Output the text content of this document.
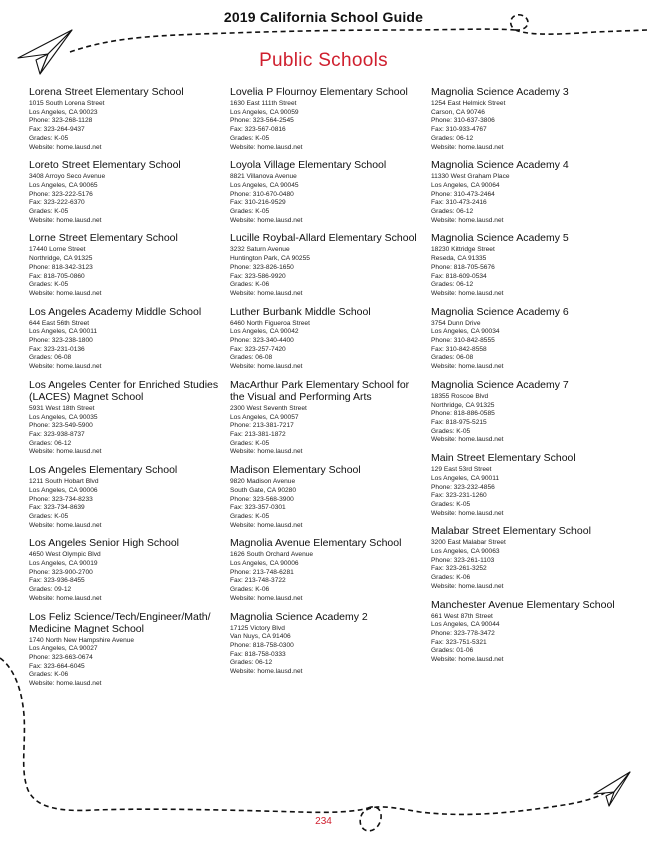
2019 California School Guide
Public Schools
Lorena Street Elementary School
1015 South Lorena Street
Los Angeles, CA 90023
Phone: 323-268-1128
Fax: 323-264-9437
Grades: K-05
Website: home.lausd.net
Loreto Street Elementary School
3408 Arroyo Seco Avenue
Los Angeles, CA 90065
Phone: 323-222-5176
Fax: 323-222-6370
Grades: K-05
Website: home.lausd.net
Lorne Street Elementary School
17440 Lorne Street
Northridge, CA 91325
Phone: 818-342-3123
Fax: 818-705-0860
Grades: K-05
Website: home.lausd.net
Los Angeles Academy Middle School
644 East 56th Street
Los Angeles, CA 90011
Phone: 323-238-1800
Fax: 323-231-0136
Grades: 06-08
Website: home.lausd.net
Los Angeles Center for Enriched Studies (LACES) Magnet School
5931 West 18th Street
Los Angeles, CA 90035
Phone: 323-549-5900
Fax: 323-938-8737
Grades: 06-12
Website: home.lausd.net
Los Angeles Elementary School
1211 South Hobart Blvd
Los Angeles, CA 90006
Phone: 323-734-8233
Fax: 323-734-8639
Grades: K-05
Website: home.lausd.net
Los Angeles Senior High School
4650 West Olympic Blvd
Los Angeles, CA 90019
Phone: 323-900-2700
Fax: 323-936-8455
Grades: 09-12
Website: home.lausd.net
Los Feliz Science/Tech/Engineer/Math/ Medicine Magnet School
1740 North New Hampshire Avenue
Los Angeles, CA 90027
Phone: 323-663-0674
Fax: 323-664-6045
Grades: K-06
Website: home.lausd.net
Lovelia P Flournoy Elementary School
1630 East 111th Street
Los Angeles, CA 90059
Phone: 323-564-2545
Fax: 323-567-0816
Grades: K-05
Website: home.lausd.net
Loyola Village Elementary School
8821 Villanova Avenue
Los Angeles, CA 90045
Phone: 310-670-0480
Fax: 310-216-9529
Grades: K-05
Website: home.lausd.net
Lucille Roybal-Allard Elementary School
3232 Saturn Avenue
Huntington Park, CA 90255
Phone: 323-826-1650
Fax: 323-586-9920
Grades: K-06
Website: home.lausd.net
Luther Burbank Middle School
6460 North Figueroa Street
Los Angeles, CA 90042
Phone: 323-340-4400
Fax: 323-257-7420
Grades: 06-08
Website: home.lausd.net
MacArthur Park Elementary School for the Visual and Performing Arts
2300 West Seventh Street
Los Angeles, CA 90057
Phone: 213-381-7217
Fax: 213-381-1872
Grades: K-05
Website: home.lausd.net
Madison Elementary School
9820 Madison Avenue
South Gate, CA 90280
Phone: 323-568-3900
Fax: 323-357-0301
Grades: K-05
Website: home.lausd.net
Magnolia Avenue Elementary School
1626 South Orchard Avenue
Los Angeles, CA 90006
Phone: 213-748-6281
Fax: 213-748-3722
Grades: K-06
Website: home.lausd.net
Magnolia Science Academy 2
17125 Victory Blvd
Van Nuys, CA 91406
Phone: 818-758-0300
Fax: 818-758-0333
Grades: 06-12
Website: home.lausd.net
Magnolia Science Academy 3
1254 East Helmick Street
Carson, CA 90746
Phone: 310-637-3806
Fax: 310-933-4767
Grades: 06-12
Website: home.lausd.net
Magnolia Science Academy 4
11330 West Graham Place
Los Angeles, CA 90064
Phone: 310-473-2464
Fax: 310-473-2416
Grades: 06-12
Website: home.lausd.net
Magnolia Science Academy 5
18230 Kittridge Street
Reseda, CA 91335
Phone: 818-705-5676
Fax: 818-609-0534
Grades: 06-12
Website: home.lausd.net
Magnolia Science Academy 6
3754 Dunn Drive
Los Angeles, CA 90034
Phone: 310-842-8555
Fax: 310-842-8558
Grades: 06-08
Website: home.lausd.net
Magnolia Science Academy 7
18355 Roscoe Blvd
Northridge, CA 91325
Phone: 818-886-0585
Fax: 818-975-5215
Grades: K-05
Website: home.lausd.net
Main Street Elementary School
129 East 53rd Street
Los Angeles, CA 90011
Phone: 323-232-4856
Fax: 323-231-1260
Grades: K-05
Website: home.lausd.net
Malabar Street Elementary School
3200 East Malabar Street
Los Angeles, CA 90063
Phone: 323-261-1103
Fax: 323-261-3252
Grades: K-06
Website: home.lausd.net
Manchester Avenue Elementary School
661 West 87th Street
Los Angeles, CA 90044
Phone: 323-778-3472
Fax: 323-751-5321
Grades: 01-06
Website: home.lausd.net

234
